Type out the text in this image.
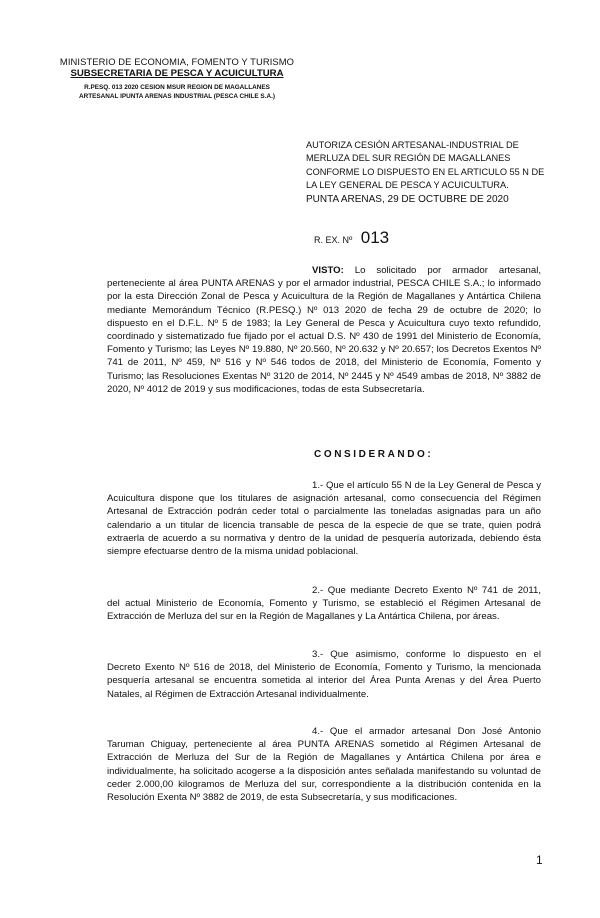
MINISTERIO DE ECONOMIA, FOMENTO Y TURISMO
SUBSECRETARIA DE PESCA Y ACUICULTURA
R.PESQ. 013 2020 CESION MSUR REGION DE MAGALLANES
ARTESANAL IPUNTA ARENAS INDUSTRIAL (PESCA CHILE S.A.)
AUTORIZA CESIÓN ARTESANAL-INDUSTRIAL DE
MERLUZA DEL SUR REGIÓN DE MAGALLANES
CONFORME LO DISPUESTO EN EL ARTICULO 55 N DE
LA LEY GENERAL DE PESCA Y ACUICULTURA.
PUNTA ARENAS, 29 DE OCTUBRE DE 2020
R. EX. Nº 013
VISTO: Lo solicitado por armador artesanal, perteneciente al área PUNTA ARENAS y por el armador industrial, PESCA CHILE S.A.; lo informado por la esta Dirección Zonal de Pesca y Acuicultura de la Región de Magallanes y Antártica Chilena mediante Memorándum Técnico (R.PESQ.) Nº 013 2020 de fecha 29 de octubre de 2020; lo dispuesto en el D.F.L. Nº 5 de 1983; la Ley General de Pesca y Acuicultura cuyo texto refundido, coordinado y sistematizado fue fijado por el actual D.S. Nº 430 de 1991 del Ministerio de Economía, Fomento y Turismo; las Leyes Nº 19.880, Nº 20.560, Nº 20.632 y Nº 20.657; los Decretos Exentos Nº 741 de 2011, Nº 459, Nº 516 y Nº 546 todos de 2018, del Ministerio de Economía, Fomento y Turismo; las Resoluciones Exentas Nº 3120 de 2014, Nº 2445 y Nº 4549 ambas de 2018, Nº 3882 de 2020, Nº 4012 de 2019 y sus modificaciones, todas de esta Subsecretaría.
CONSIDERANDO:
1.- Que el artículo 55 N de la Ley General de Pesca y Acuicultura dispone que los titulares de asignación artesanal, como consecuencia del Régimen Artesanal de Extracción podrán ceder total o parcialmente las toneladas asignadas para un año calendario a un titular de licencia transable de pesca de la especie de que se trate, quien podrá extraerla de acuerdo a su normativa y dentro de la unidad de pesquería autorizada, debiendo ésta siempre efectuarse dentro de la misma unidad poblacional.
2.- Que mediante Decreto Exento Nº 741 de 2011, del actual Ministerio de Economía, Fomento y Turismo, se estableció el Régimen Artesanal de Extracción de Merluza del sur en la Región de Magallanes y La Antártica Chilena, por áreas.
3.- Que asimismo, conforme lo dispuesto en el Decreto Exento Nº 516 de 2018, del Ministerio de Economía, Fomento y Turismo, la mencionada pesquería artesanal se encuentra sometida al interior del Área Punta Arenas y del Área Puerto Natales, al Régimen de Extracción Artesanal individualmente.
4.- Que el armador artesanal Don José Antonio Taruman Chiguay, perteneciente al área PUNTA ARENAS sometido al Régimen Artesanal de Extracción de Merluza del Sur de la Región de Magallanes y Antártica Chilena por área e individualmente, ha solicitado acogerse a la disposición antes señalada manifestando su voluntad de ceder 2.000,00 kilogramos de Merluza del sur, correspondiente a la distribución contenida en la Resolución Exenta Nº 3882 de 2019, de esta Subsecretaría, y sus modificaciones.
1
